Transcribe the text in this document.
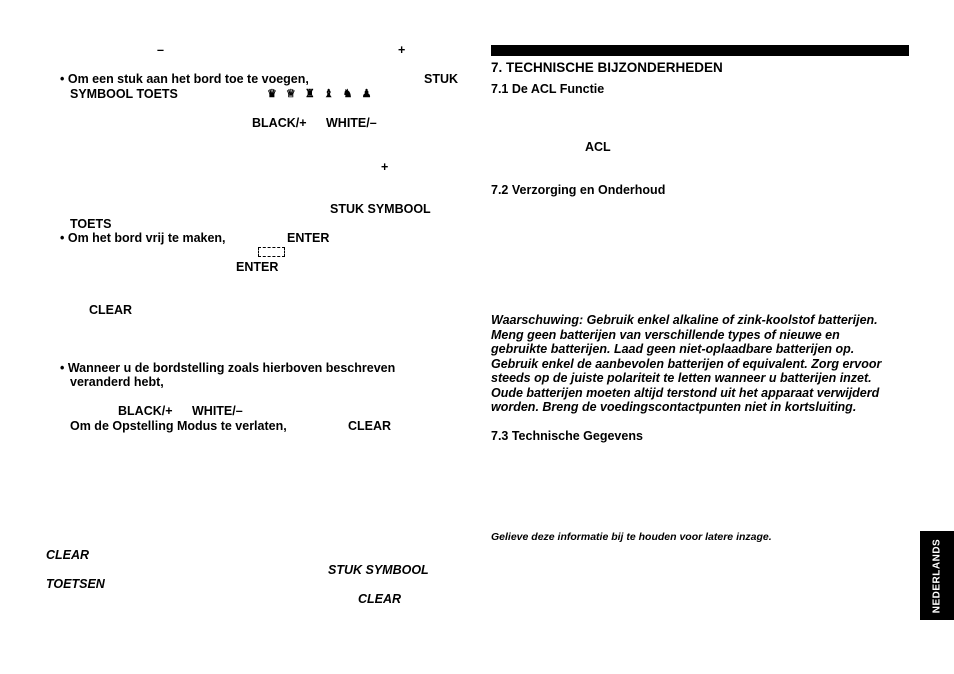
–	+
• Om een stuk aan het bord toe te voegen,	STUK
SYMBOOL TOETS	♛ ♕ ♜ ♝ ♞ ♟
BLACK/+ WHITE/–
+
STUK SYMBOOL
TOETS
• Om het bord vrij te maken,	ENTER
ENTER
CLEAR
• Wanneer u de bordstelling zoals hierboven beschreven
veranderd hebt,
BLACK/+ WHITE/–
Om de Opstelling Modus te verlaten,	CLEAR
CLEAR
STUK SYMBOOL
TOETSEN
CLEAR
7. TECHNISCHE BIJZONDERHEDEN
7.1 De ACL Functie
ACL
7.2 Verzorging en Onderhoud
Waarschuwing: Gebruik enkel alkaline of zink-koolstof batterijen.
Meng geen batterijen van verschillende types of nieuwe en
gebruikte batterijen. Laad geen niet-oplaadbare batterijen op.
Gebruik enkel de aanbevolen batterijen of equivalent. Zorg ervoor
steeds op de juiste polariteit te letten wanneer u batterijen inzet.
Oude batterijen moeten altijd terstond uit het apparaat verwijderd
worden. Breng de voedingscontactpunten niet in kortsluiting.
7.3 Technische Gegevens
Gelieve deze informatie bij te houden voor latere inzage.
NEDERLANDS
